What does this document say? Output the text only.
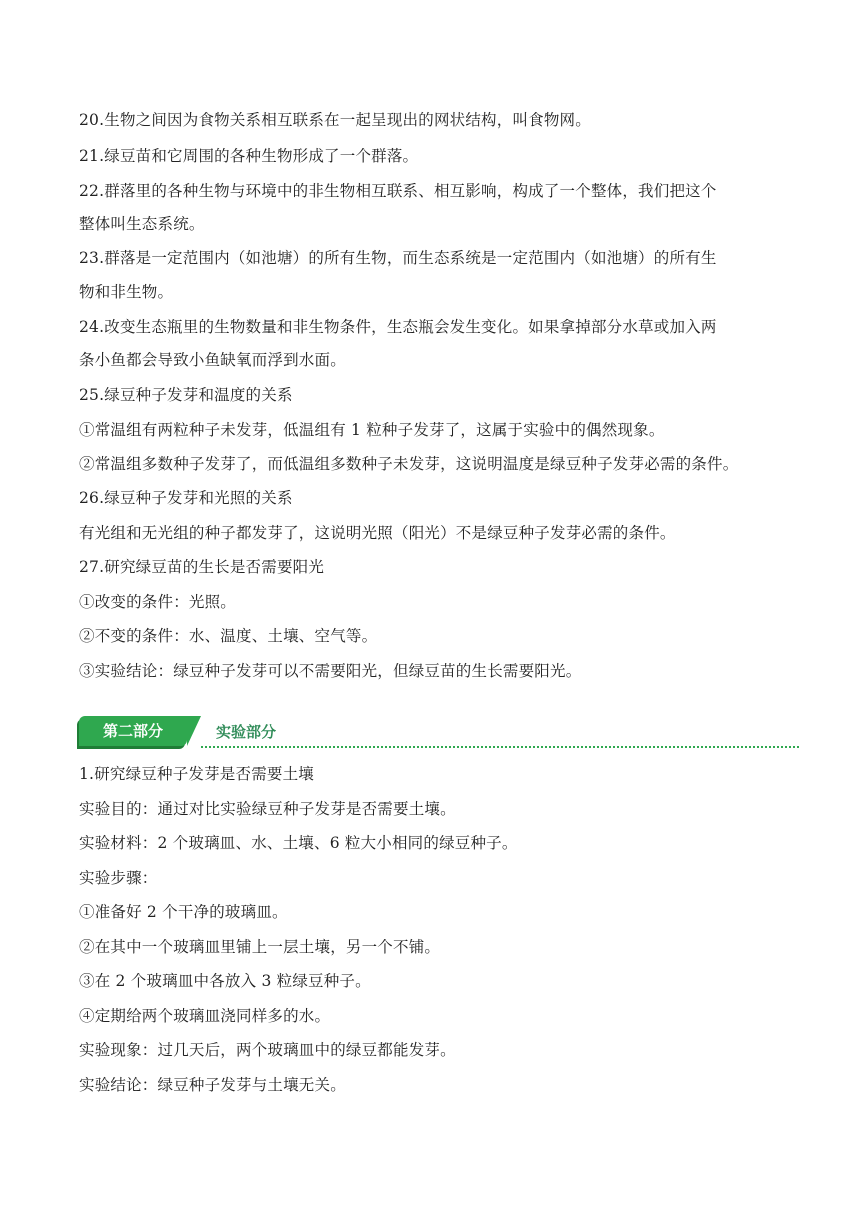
20.生物之间因为食物关系相互联系在一起呈现出的网状结构，叫食物网。
21.绿豆苗和它周围的各种生物形成了一个群落。
22.群落里的各种生物与环境中的非生物相互联系、相互影响，构成了一个整体，我们把这个
整体叫生态系统。
23.群落是一定范围内（如池塘）的所有生物，而生态系统是一定范围内（如池塘）的所有生
物和非生物。
24.改变生态瓶里的生物数量和非生物条件，生态瓶会发生变化。如果拿掉部分水草或加入两
条小鱼都会导致小鱼缺氧而浮到水面。
25.绿豆种子发芽和温度的关系
①常温组有两粒种子未发芽，低温组有 1 粒种子发芽了，这属于实验中的偶然现象。
②常温组多数种子发芽了，而低温组多数种子未发芽，这说明温度是绿豆种子发芽必需的条件。
26.绿豆种子发芽和光照的关系
有光组和无光组的种子都发芽了，这说明光照（阳光）不是绿豆种子发芽必需的条件。
27.研究绿豆苗的生长是否需要阳光
①改变的条件：光照。
②不变的条件：水、温度、土壤、空气等。
③实验结论：绿豆种子发芽可以不需要阳光，但绿豆苗的生长需要阳光。
第二部分	实验部分
1.研究绿豆种子发芽是否需要土壤
实验目的：通过对比实验绿豆种子发芽是否需要土壤。
实验材料：2 个玻璃皿、水、土壤、6 粒大小相同的绿豆种子。
实验步骤：
①准备好 2 个干净的玻璃皿。
②在其中一个玻璃皿里铺上一层土壤，另一个不铺。
③在 2 个玻璃皿中各放入 3 粒绿豆种子。
④定期给两个玻璃皿浇同样多的水。
实验现象：过几天后，两个玻璃皿中的绿豆都能发芽。
实验结论：绿豆种子发芽与土壤无关。
